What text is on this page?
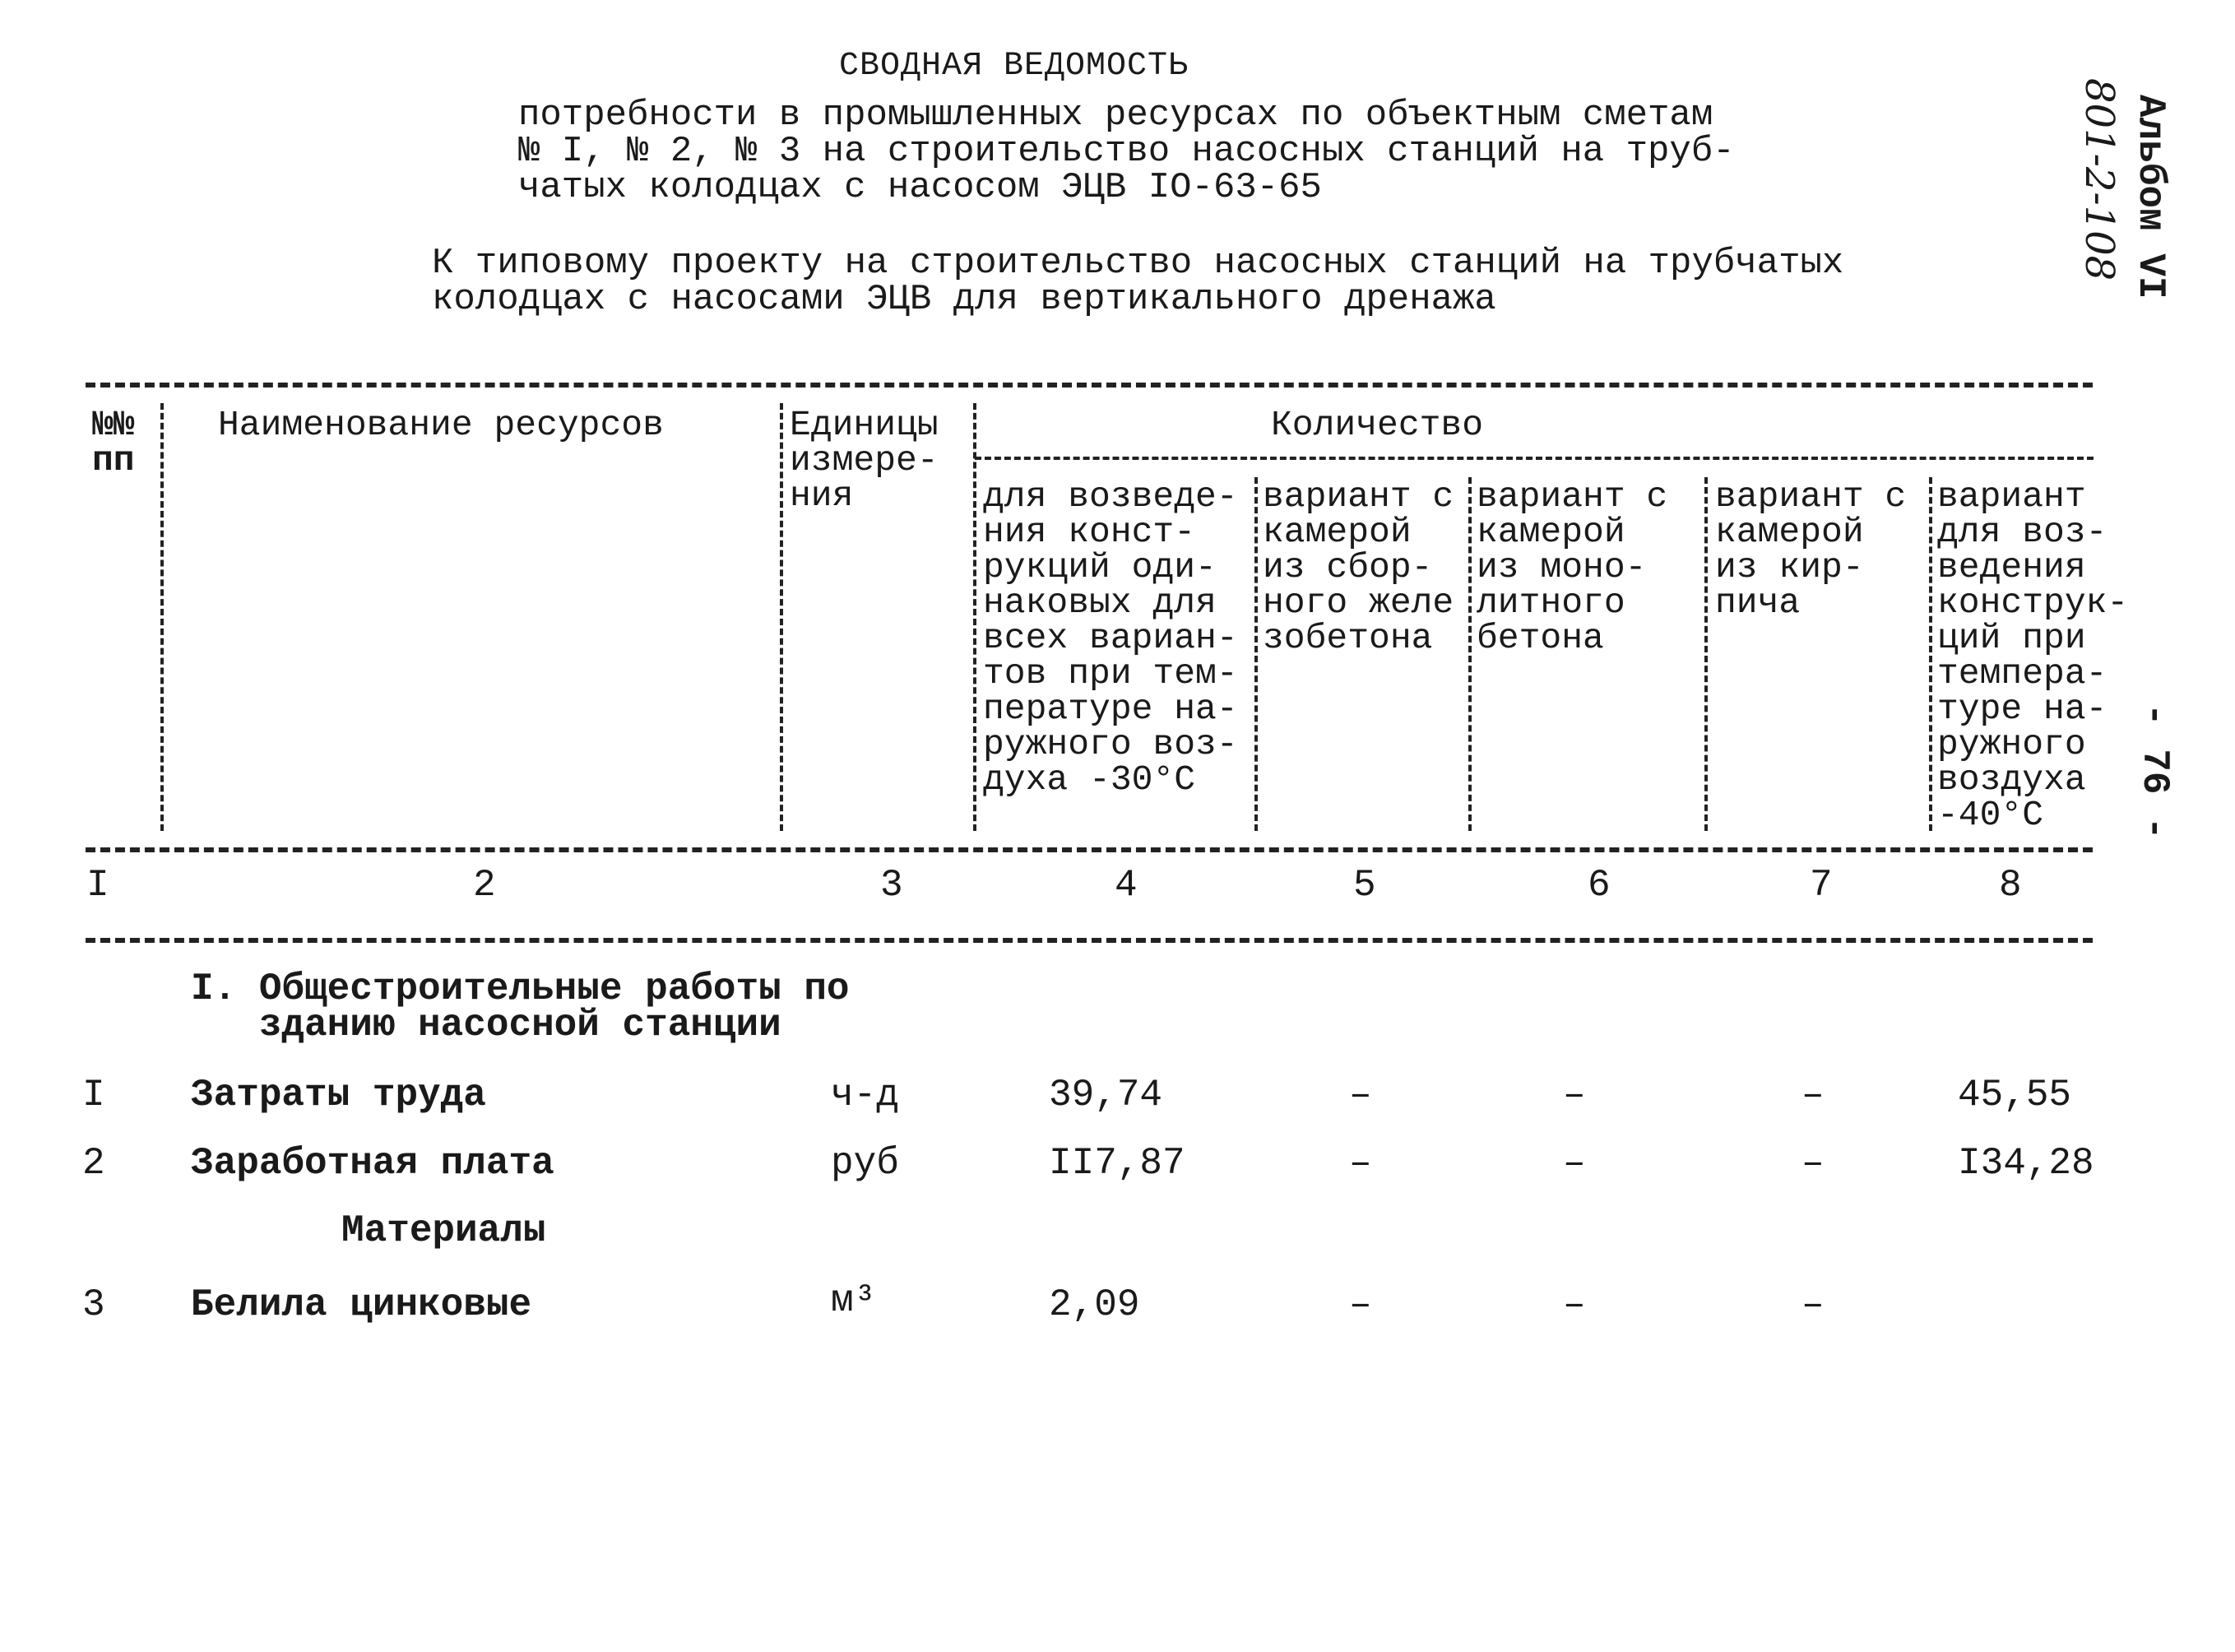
СВОДНАЯ ВЕДОМОСТЬ
потребности в промышленных ресурсах по объектным сметам
№ I, № 2, № 3 на строительство насосных станций на труб-
чатых колодцах с насосом ЭЦВ IO-63-65
К типовому проекту на строительство насосных станций на трубчатых
колодцах с насосами ЭЦВ для вертикального дренажа
Альбом VI
801-2-108
- 76 -
№№
пп
Наименование ресурсов	Единицы
измере-
ния
Количество
для возведе-
ния конст-
рукций оди-
наковых для
всех вариан-
тов при тем-
пературе на-
ружного воз-
духа -30°С
вариант с
камерой
из сбор-
ного желе
зобетона
вариант с
камерой
из моно-
литного
бетона
вариант с
камерой
из кир-
пича
вариант
для воз-
ведения
конструк-
ций при
темпера-
туре на-
ружного
воздуха
-40°С
I	2	3	4	5	6	7	8
I. Общестроительные работы по
зданию насосной станции
I Затраты труда	ч-д	39,74	–	–	–	45,55
2 Заработная плата	руб	II7,87	–	–	–	I34,28
Материалы
3 Белила цинковые	м³	2,09	–	–	–
